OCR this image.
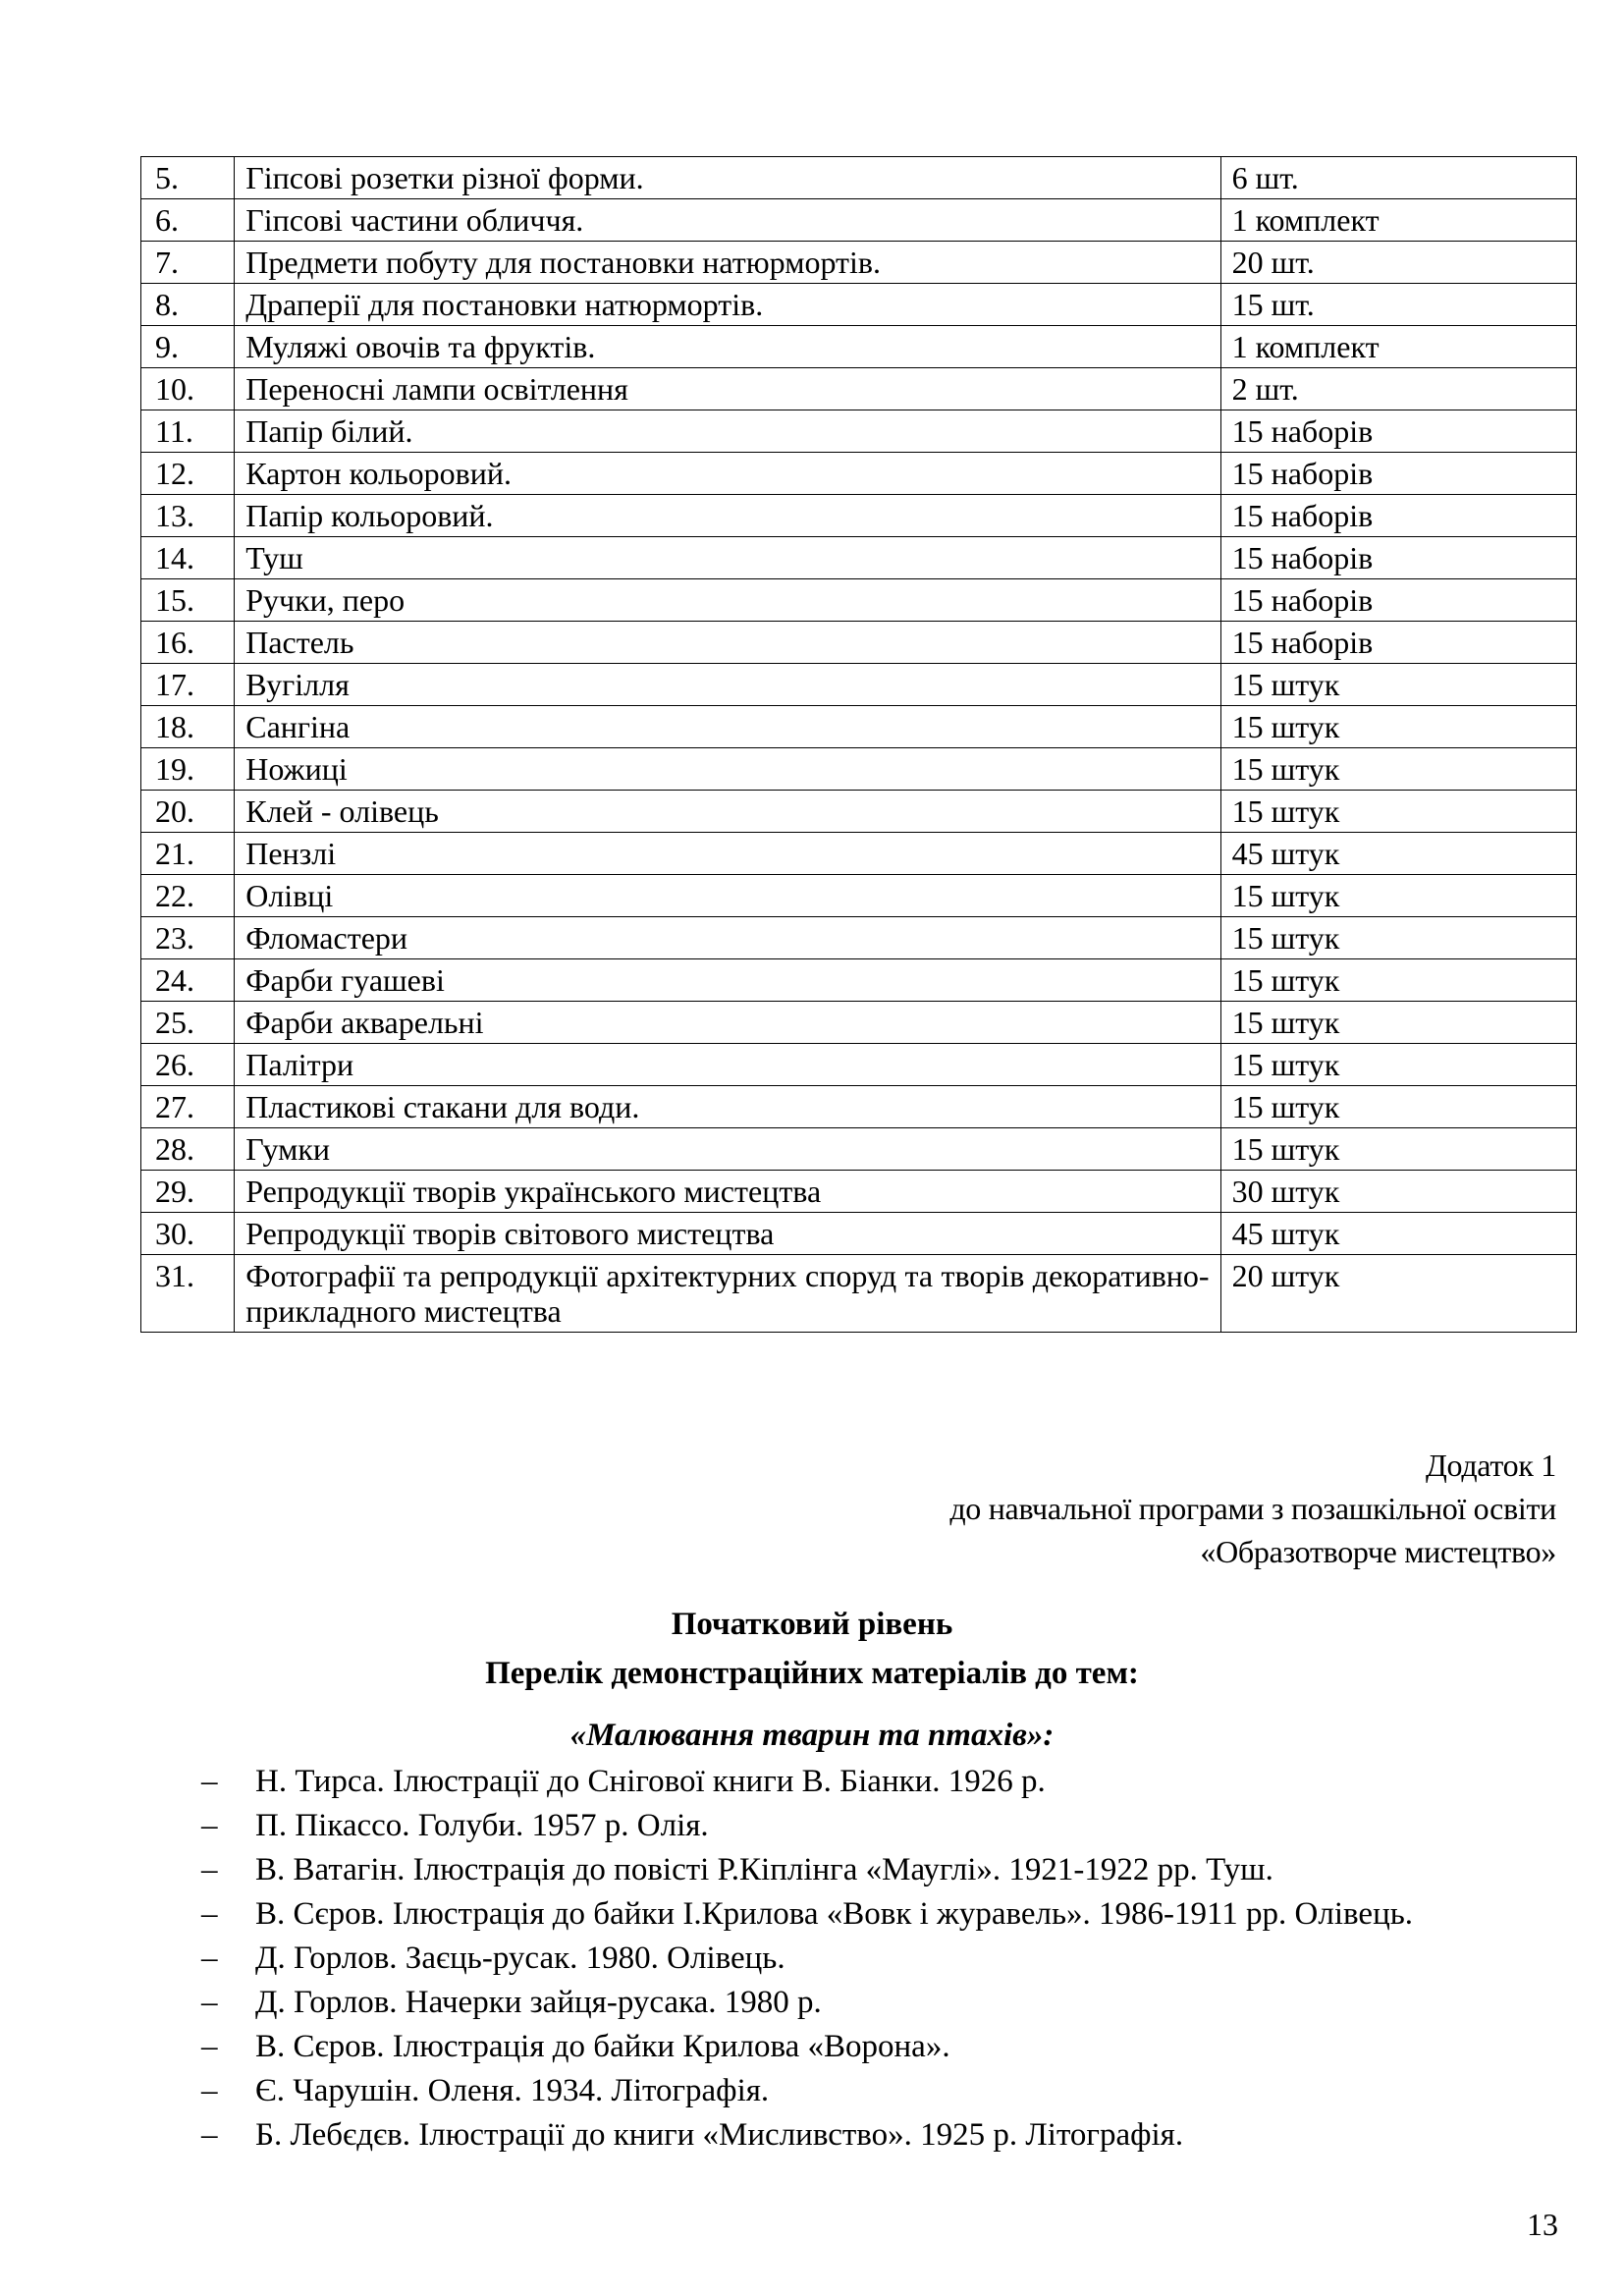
5.	Гіпсові розетки різної форми.	6 шт.
6.	Гіпсові частини обличчя.	1 комплект
7.	Предмети побуту для постановки натюрмортів.	20 шт.
8.	Драперії для постановки натюрмортів.	15 шт.
9.	Муляжі овочів та фруктів.	1 комплект
10.	Переносні лампи освітлення	2 шт.
11.	Папір білий.	15 наборів
12.	Картон кольоровий.	15 наборів
13.	Папір кольоровий.	15 наборів
14.	Туш	15 наборів
15.	Ручки, перо	15 наборів
16.	Пастель	15 наборів
17.	Вугілля	15 штук
18.	Сангіна	15 штук
19.	Ножиці	15 штук
20.	Клей - олівець	15 штук
21.	Пензлі	45 штук
22.	Олівці	15 штук
23.	Фломастери	15 штук
24.	Фарби гуашеві	15 штук
25.	Фарби акварельні	15 штук
26.	Палітри	15 штук
27.	Пластикові стакани для води.	15 штук
28.	Гумки	15 штук
29.	Репродукції творів українського мистецтва	30 штук
30.	Репродукції творів світового мистецтва	45 штук
31.	Фотографії та репродукції архітектурних споруд та творів декоративно-прикладного мистецтва	20 штук
Додаток 1
до навчальної програми з позашкільної освіти
«Образотворче мистецтво»
Початковий рівень
Перелік демонстраційних матеріалів до тем:
«Малювання тварин та птахів»:
– Н. Тирса. Ілюстрації до Снігової книги В. Біанки. 1926 р.
– П. Пікассо. Голуби. 1957 р. Олія.
– В. Ватагін. Ілюстрація до повісті Р.Кіплінга «Мауглі». 1921-1922 рр. Туш.
– В. Сєров. Ілюстрація до байки І.Крилова «Вовк і журавель». 1986-1911 рр. Олівець.
– Д. Горлов. Заєць-русак. 1980. Олівець.
– Д. Горлов. Начерки зайця-русака. 1980 р.
– В. Сєров. Ілюстрація до байки Крилова «Ворона».
– Є. Чарушін. Оленя. 1934. Літографія.
– Б. Лебєдєв. Ілюстрації до книги «Мисливство». 1925 р. Літографія.
13
